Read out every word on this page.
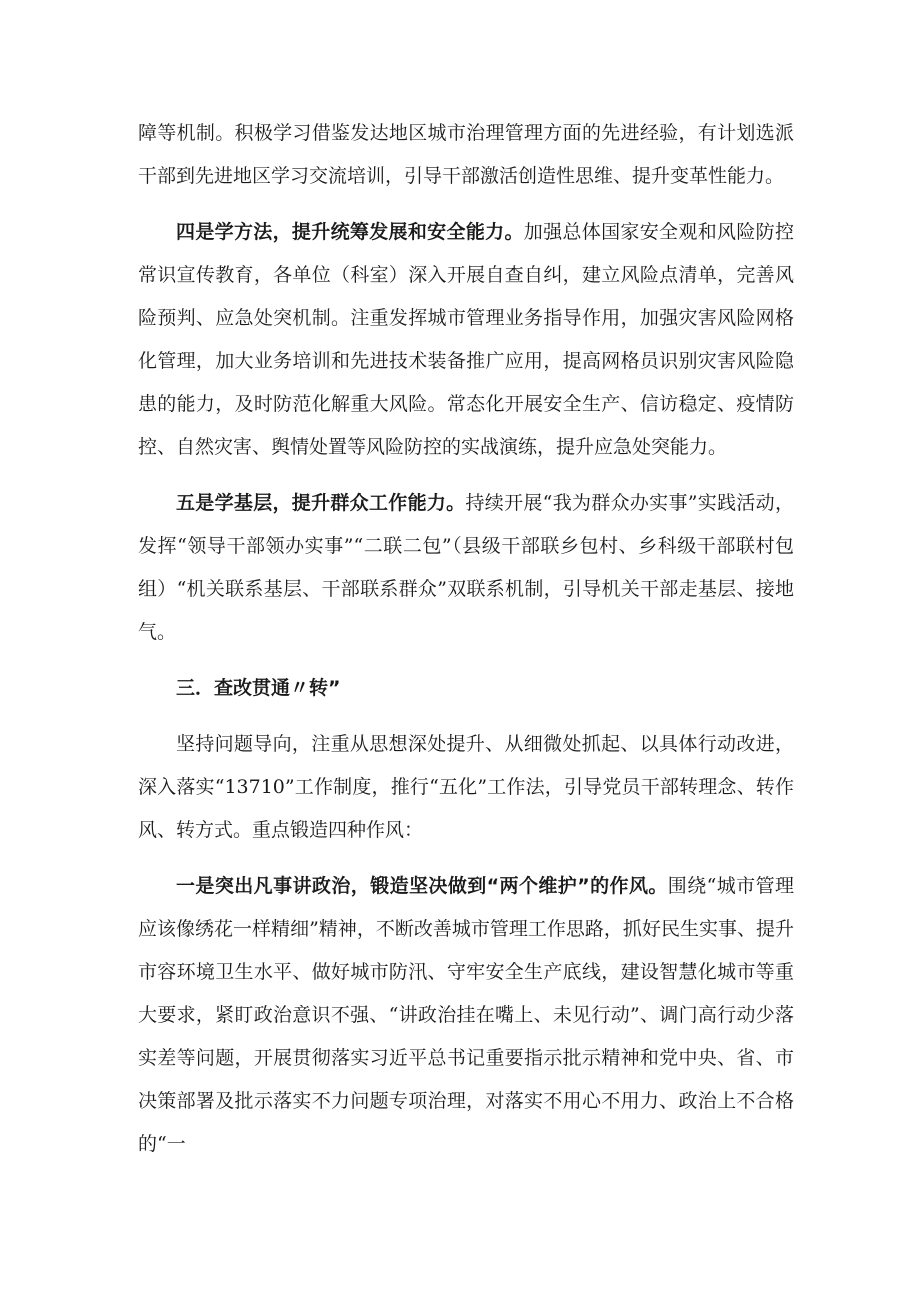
障等机制。积极学习借鉴发达地区城市治理管理方面的先进经验，有计划选派干部到先进地区学习交流培训，引导干部激活创造性思维、提升变革性能力。

四是学方法，提升统筹发展和安全能力。加强总体国家安全观和风险防控常识宣传教育，各单位（科室）深入开展自查自纠，建立风险点清单，完善风险预判、应急处突机制。注重发挥城市管理业务指导作用，加强灾害风险网格化管理，加大业务培训和先进技术装备推广应用，提高网格员识别灾害风险隐患的能力，及时防范化解重大风险。常态化开展安全生产、信访稳定、疫情防控、自然灾害、舆情处置等风险防控的实战演练，提升应急处突能力。

五是学基层，提升群众工作能力。持续开展“我为群众办实事”实践活动，发挥“领导干部领办实事”“二联二包”（县级干部联乡包村、乡科级干部联村包组）“机关联系基层、干部联系群众”双联系机制，引导机关干部走基层、接地气。

三．查改贯通〃转”

坚持问题导向，注重从思想深处提升、从细微处抓起、以具体行动改进，深入落实“13710”工作制度，推行“五化”工作法，引导党员干部转理念、转作风、转方式。重点锻造四种作风：

一是突出凡事讲政治，锻造坚决做到“两个维护”的作风。围绕“城市管理应该像绣花一样精细”精神，不断改善城市管理工作思路，抓好民生实事、提升市容环境卫生水平、做好城市防汛、守牢安全生产底线，建设智慧化城市等重大要求，紧盯政治意识不强、“讲政治挂在嘴上、未见行动”、调门高行动少落实差等问题，开展贯彻落实习近平总书记重要指示批示精神和党中央、省、市决策部署及批示落实不力问题专项治理，对落实不用心不用力、政治上不合格的“一
